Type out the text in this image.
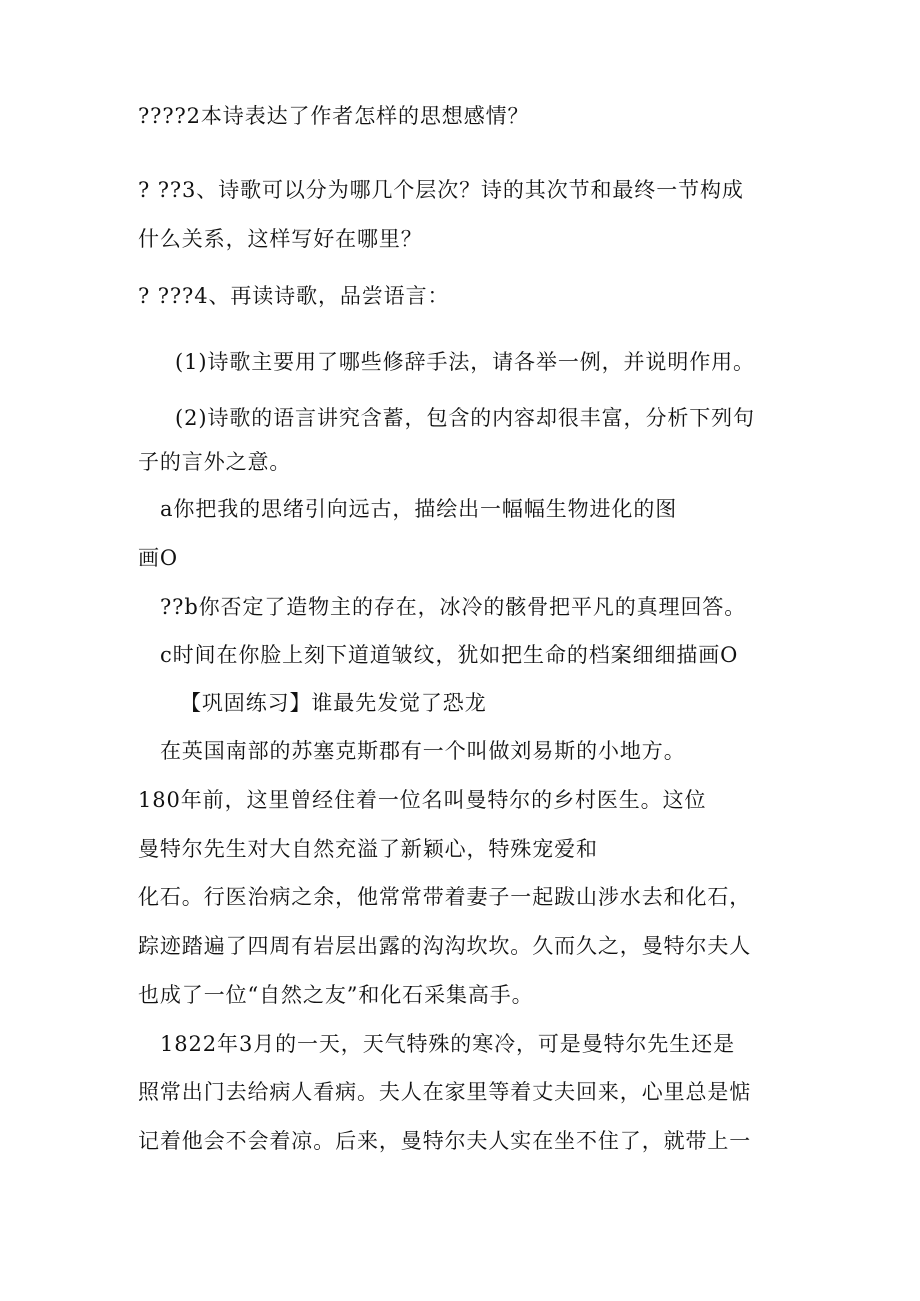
????2本诗表达了作者怎样的思想感情？
? ??3、诗歌可以分为哪几个层次？诗的其次节和最终一节构成
什么关系，这样写好在哪里？
? ???4、再读诗歌，品尝语言：
(1)诗歌主要用了哪些修辞手法，请各举一例，并说明作用。
(2)诗歌的语言讲究含蓄，包含的内容却很丰富，分析下列句
子的言外之意。
a你把我的思绪引向远古，描绘出一幅幅生物进化的图
画O
??b你否定了造物主的存在，冰冷的骸骨把平凡的真理回答。
c时间在你脸上刻下道道皱纹，犹如把生命的档案细细描画O
【巩固练习】谁最先发觉了恐龙
在英国南部的苏塞克斯郡有一个叫做刘易斯的小地方。
180年前，这里曾经住着一位名叫曼特尔的乡村医生。这位
曼特尔先生对大自然充溢了新颖心，特殊宠爱和
化石。行医治病之余，他常常带着妻子一起跋山涉水去和化石，
踪迹踏遍了四周有岩层出露的沟沟坎坎。久而久之，曼特尔夫人
也成了一位“自然之友”和化石采集高手。
1822年3月的一天，天气特殊的寒冷，可是曼特尔先生还是
照常出门去给病人看病。夫人在家里等着丈夫回来，心里总是惦
记着他会不会着凉。后来，曼特尔夫人实在坐不住了，就带上一
